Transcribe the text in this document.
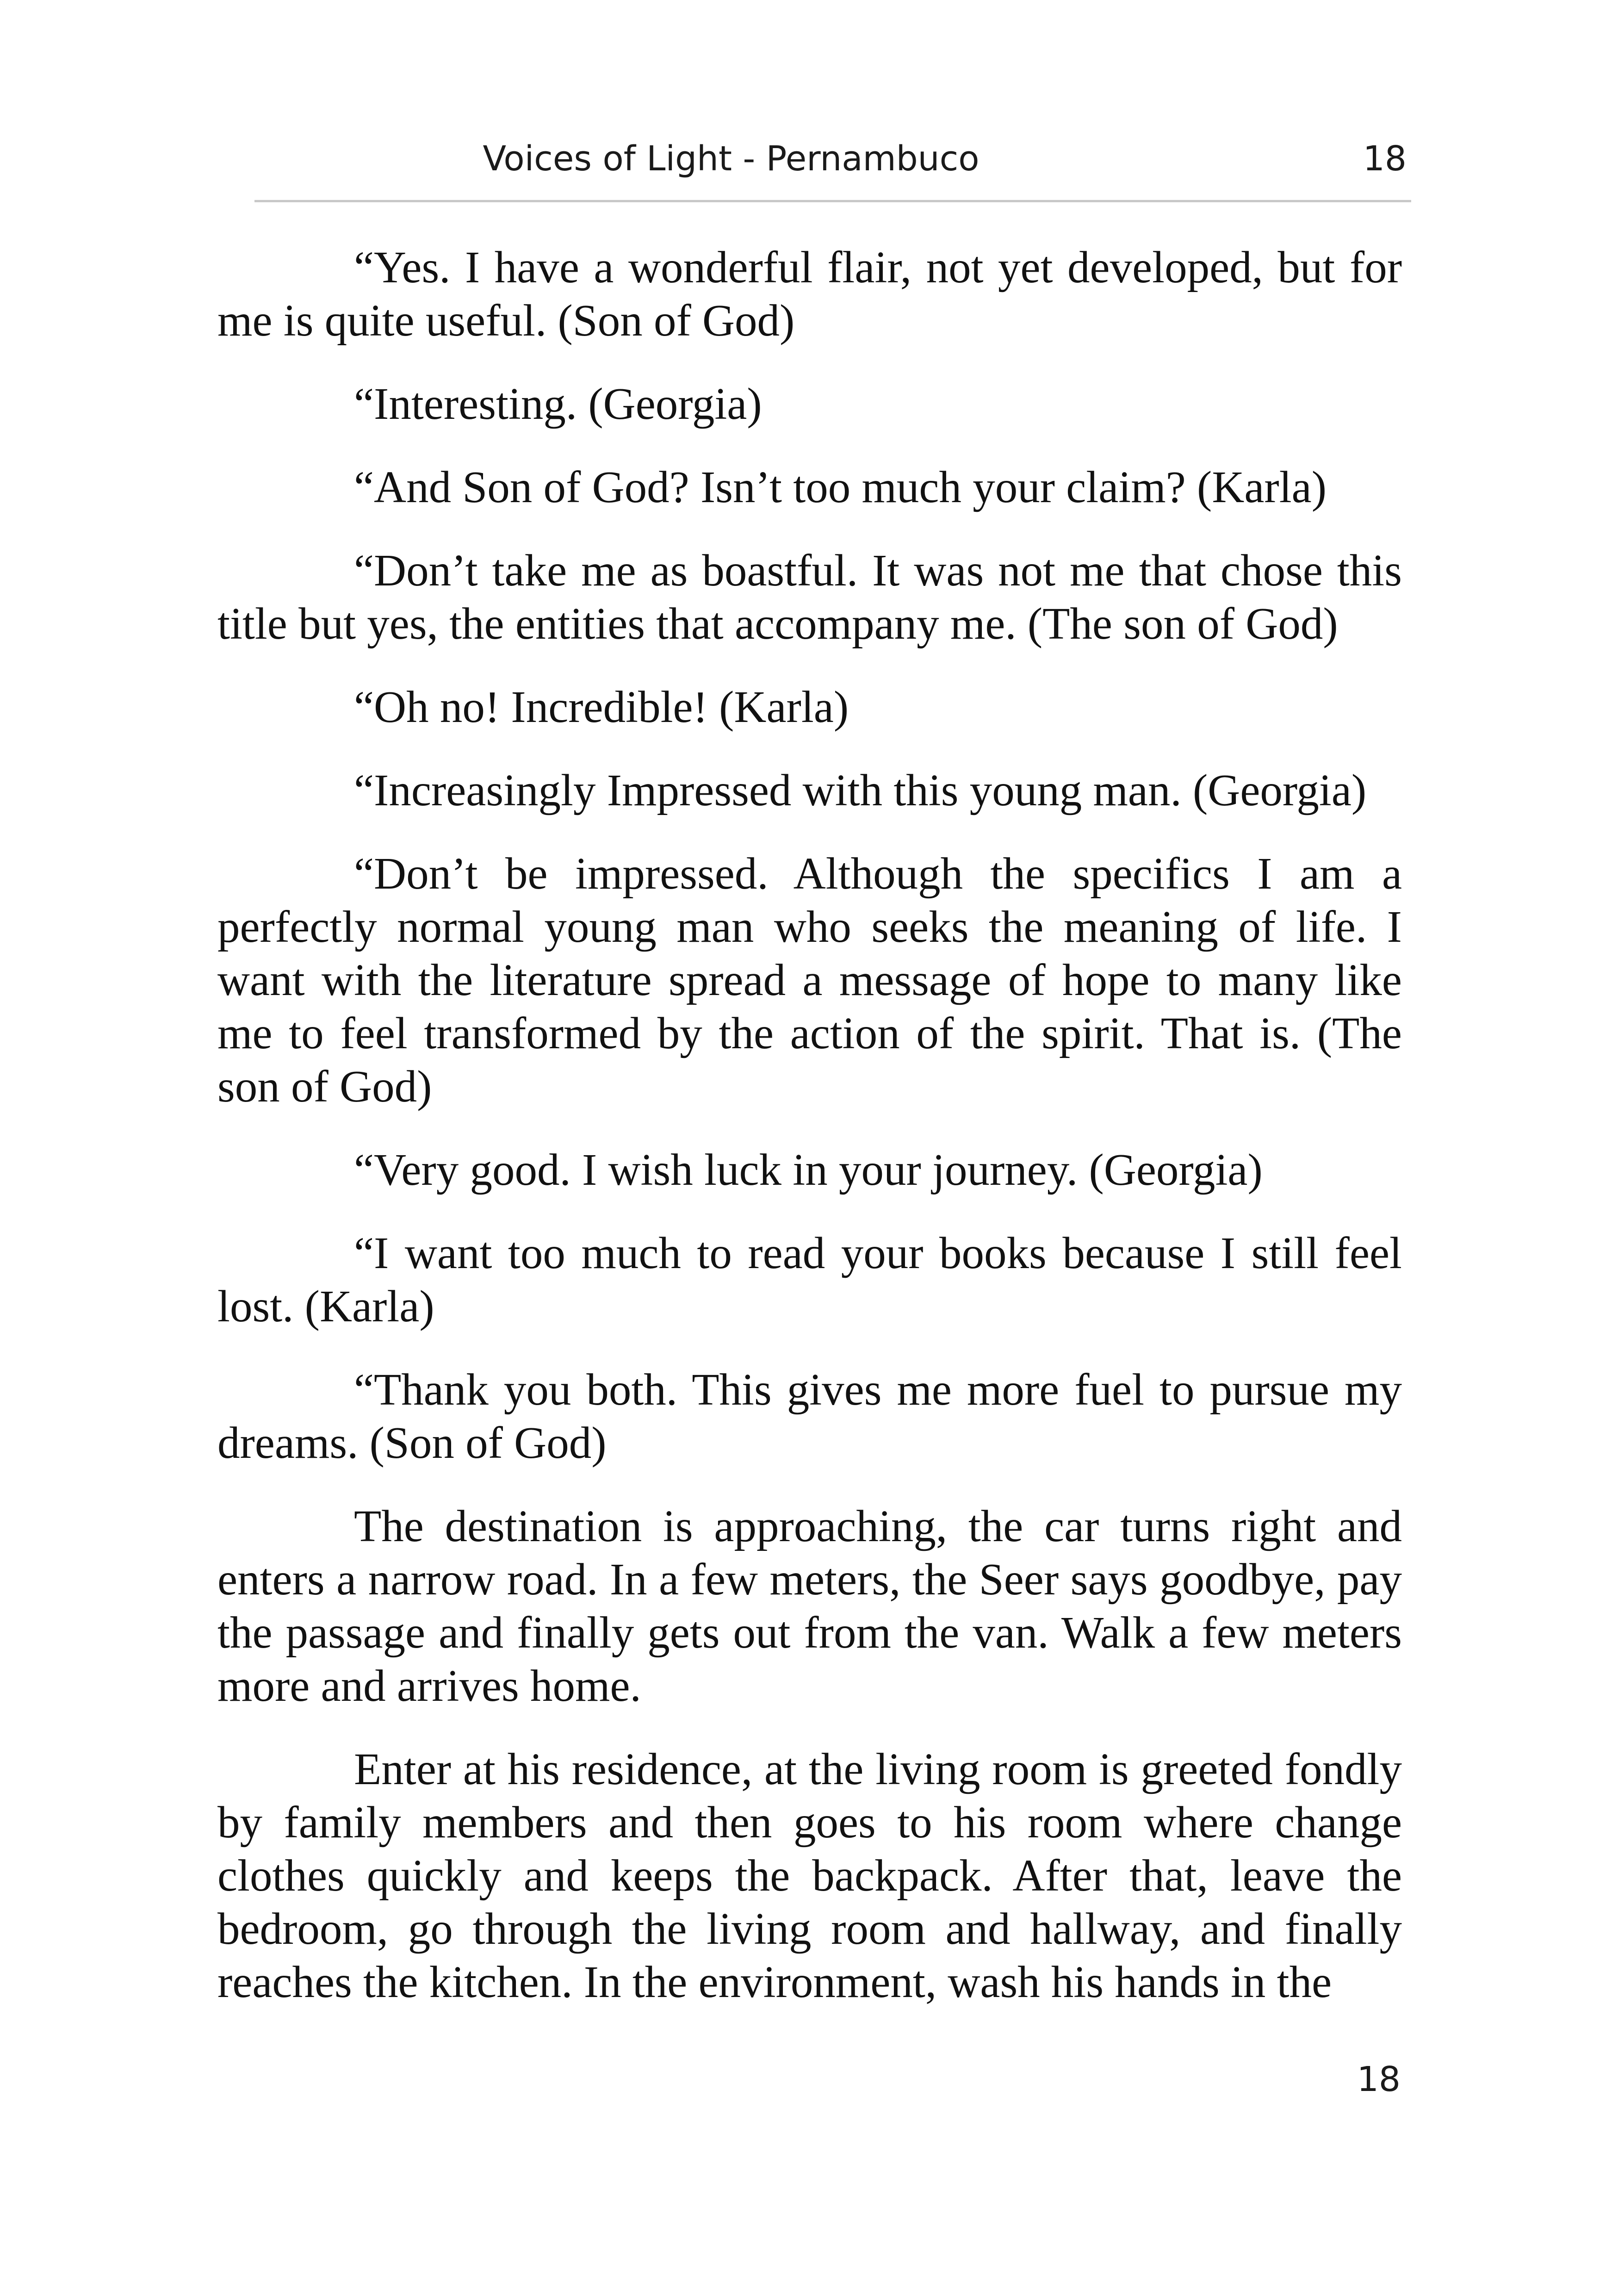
Voices of Light - Pernambuco	18

“Yes. I have a wonderful flair, not yet developed, but for me is quite useful. (Son of God)

“Interesting. (Georgia)

“And Son of God? Isn’t too much your claim? (Karla)

“Don’t take me as boastful. It was not me that chose this title but yes, the entities that accompany me. (The son of God)

“Oh no! Incredible! (Karla)

“Increasingly Impressed with this young man. (Georgia)

“Don’t be impressed. Although the specifics I am a perfectly normal young man who seeks the meaning of life. I want with the literature spread a message of hope to many like me to feel transformed by the action of the spirit. That is. (The son of God)

“Very good. I wish luck in your journey. (Georgia)

“I want too much to read your books because I still feel lost. (Karla)

“Thank you both. This gives me more fuel to pursue my dreams. (Son of God)

The destination is approaching, the car turns right and enters a narrow road. In a few meters, the Seer says goodbye, pay the passage and finally gets out from the van. Walk a few meters more and arrives home.

Enter at his residence, at the living room is greeted fondly by family members and then goes to his room where change clothes quickly and keeps the backpack. After that, leave the bedroom, go through the living room and hallway, and finally reaches the kitchen. In the environment, wash his hands in the

18
